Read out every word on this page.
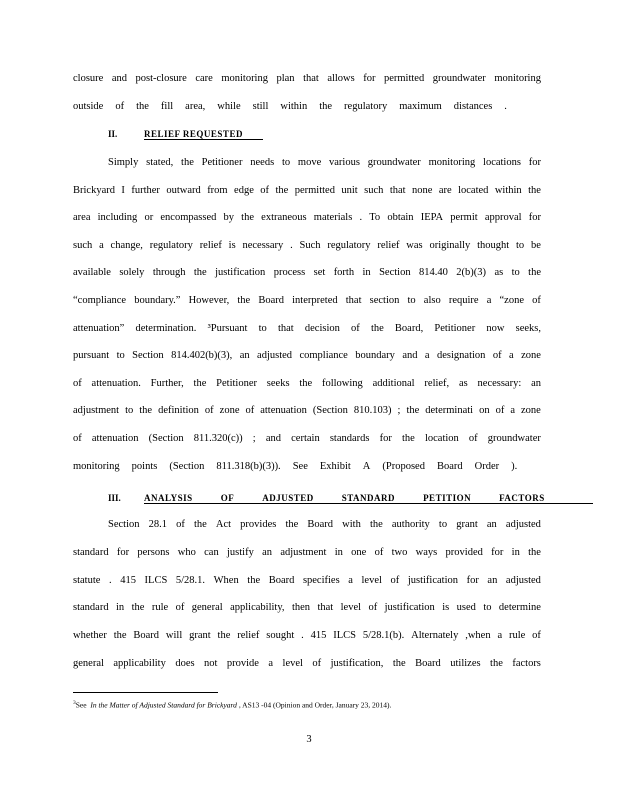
closure and post-closure care monitoring plan that allows for permitted groundwater monitoring
outside of the fill area, while still within the regulatory maximum distances .
II.	RELIEF REQUESTED
Simply stated, the Petitioner needs to move various groundwater monitoring locations for
Brickyard I further outward from edge of the permitted unit such that none are located within the
area including or encompassed by the extraneous materials . To obtain IEPA permit approval for
such a change, regulatory relief is necessary . Such regulatory relief was originally thought to be
available solely through the justification process set forth in Section 814.40 2(b)(3) as to the
“compliance boundary.” However, the Board interpreted that section to also require a “zone of
attenuation” determination. ³Pursuant to that decision of the Board, Petitioner now seeks,
pursuant to Section 814.402(b)(3), an adjusted compliance boundary and a designation of a zone
of attenuation. Further, the Petitioner seeks the following additional relief, as necessary: an
adjustment to the definition of zone of attenuation (Section 810.103) ; the determinati on of a zone
of attenuation (Section 811.320(c)) ; and certain standards for the location of groundwater
monitoring points (Section 811.318(b)(3)). See Exhibit A (Proposed Board Order ).
III.	ANALYSIS	OF	ADJUSTED	STANDARD	PETITION	FACTORS
Section 28.1 of the Act provides the Board with the authority to grant an adjusted
standard for persons who can justify an adjustment in one of two ways provided for in the
statute . 415 ILCS 5/28.1. When the Board specifies a level of justification for an adjusted
standard in the rule of general applicability, then that level of justification is used to determine
whether the Board will grant the relief sought . 415 ILCS 5/28.1(b). Alternately ,when a rule of
general applicability does not provide a level of justification, the Board utilizes the factors
$^3$See In the Matter of Adjusted Standard for Brickyard , AS13 -04 (Opinion and Order, January 23, 2014).
3
